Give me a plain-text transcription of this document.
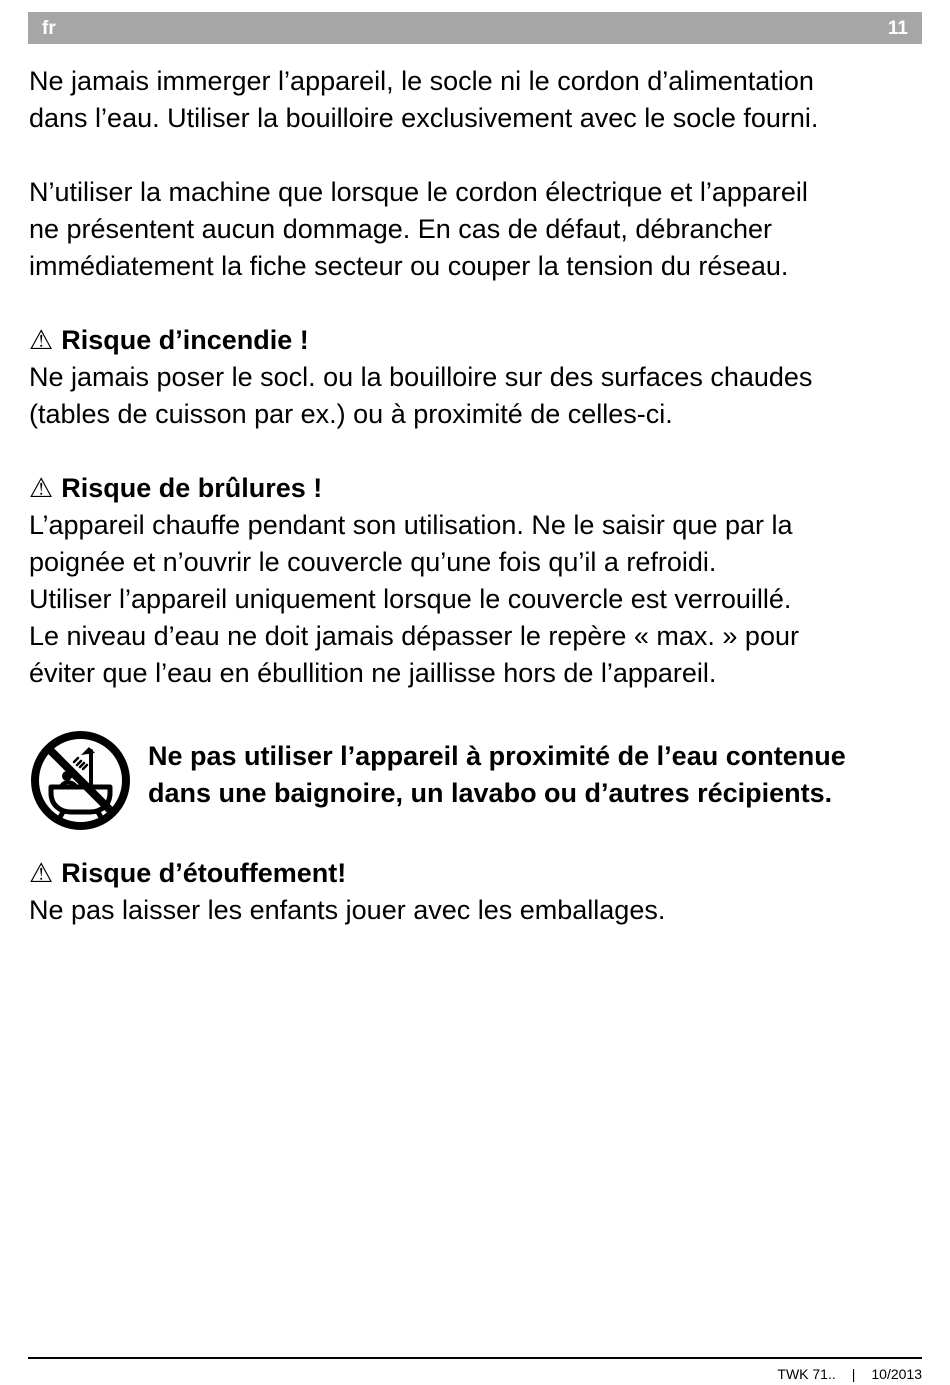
fr	11
Ne jamais immerger l’appareil, le socle ni le cordon d’alimentation
dans l’eau. Utiliser la bouilloire exclusivement avec le socle fourni.
N’utiliser la machine que lorsque le cordon électrique et l’appareil
ne présentent aucun dommage. En cas de défaut, débrancher
immédiatement la fiche secteur ou couper la tension du réseau.
⚠ Risque d’incendie !
Ne jamais poser le socl. ou la bouilloire sur des surfaces chaudes
(tables de cuisson par ex.) ou à proximité de celles-ci.
⚠ Risque de brûlures !
L’appareil chauffe pendant son utilisation. Ne le saisir que par la
poignée et n’ouvrir le couvercle qu’une fois qu’il a refroidi.
Utiliser l’appareil uniquement lorsque le couvercle est verrouillé.
Le niveau d’eau ne doit jamais dépasser le repère « max. » pour
éviter que l’eau en ébullition ne jaillisse hors de l’appareil.
Ne pas utiliser l’appareil à proximité de l’eau contenue
dans une baignoire, un lavabo ou d’autres récipients.
⚠ Risque d’étouffement!
Ne pas laisser les enfants jouer avec les emballages.
TWK 71.. | 10/2013
